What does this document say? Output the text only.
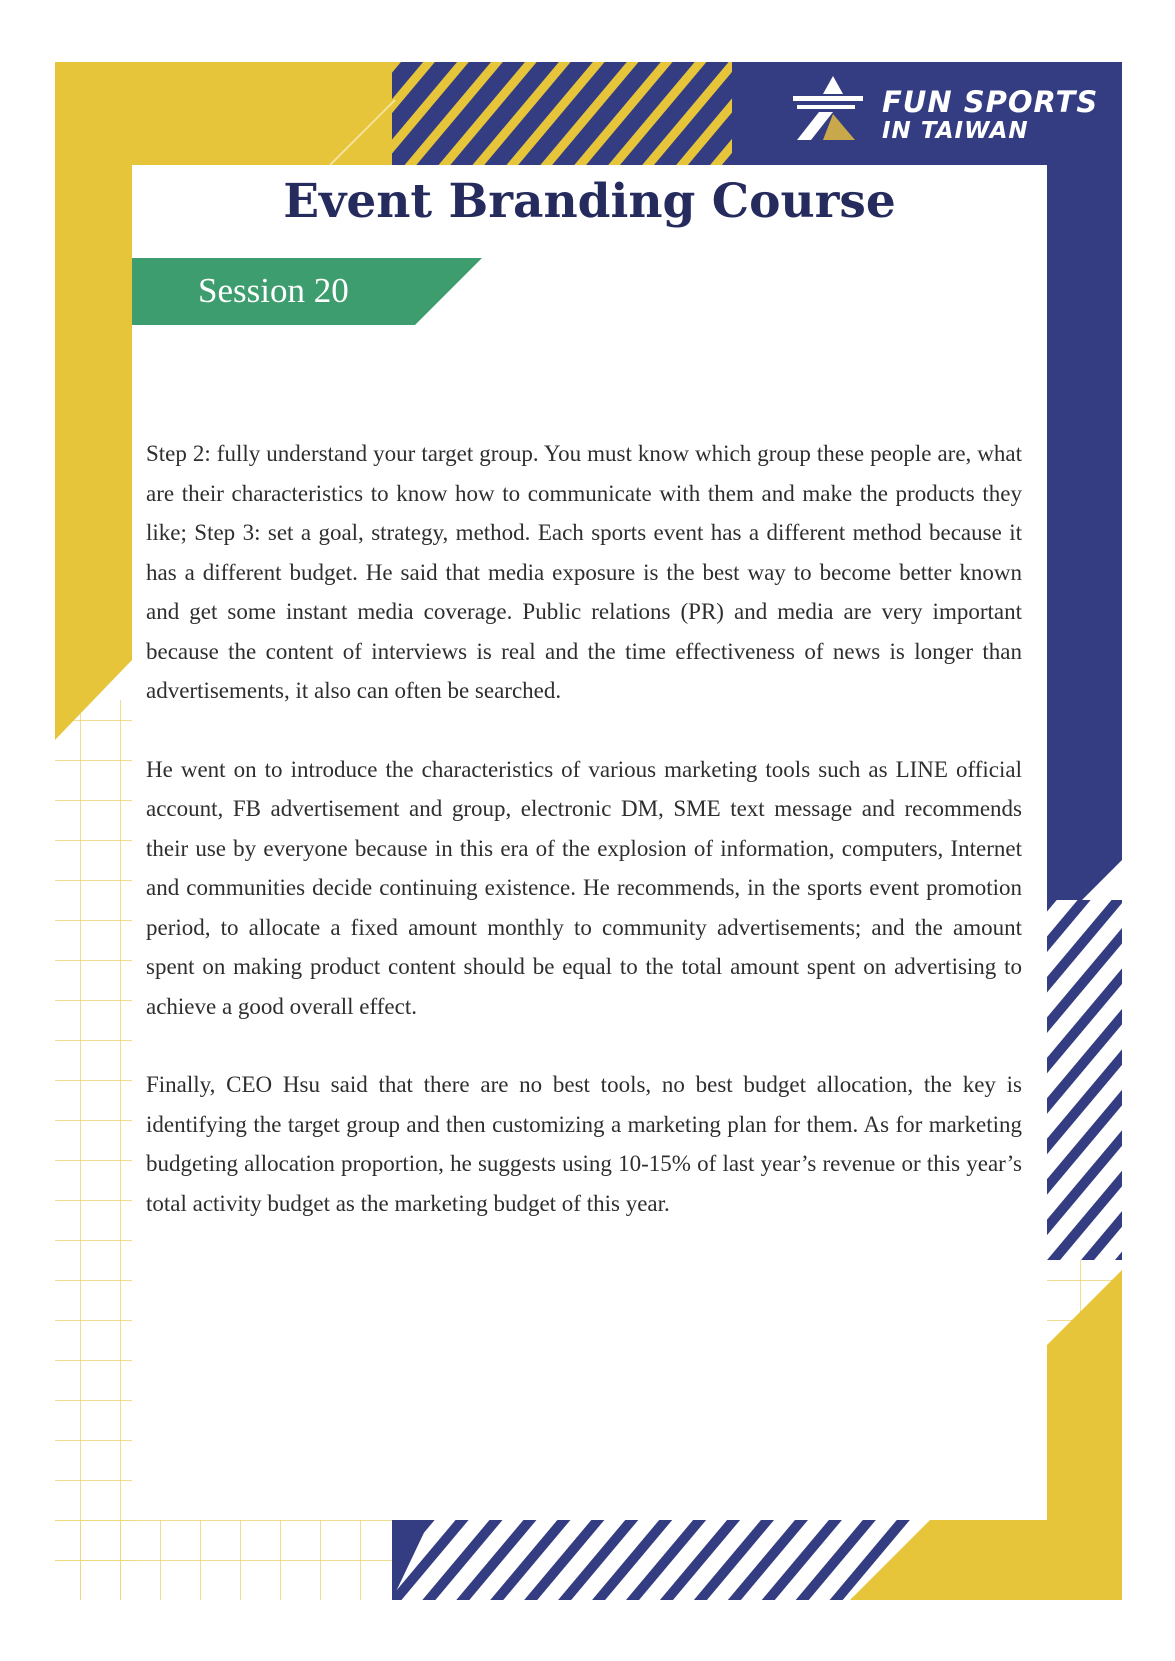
FUN SPORTS
IN TAIWAN
Event Branding Course
Session 20

Step 2: fully understand your target group. You must know which group these people are, what are their characteristics to know how to communicate with them and make the products they like; Step 3: set a goal, strategy, method. Each sports event has a different method because it has a different budget. He said that media exposure is the best way to become better known and get some instant media coverage. Public relations (PR) and media are very important because the content of interviews is real and the time effectiveness of news is longer than advertisements, it also can often be searched.

He went on to introduce the characteristics of various marketing tools such as LINE official account, FB advertisement and group, electronic DM, SME text message and recommends their use by everyone because in this era of the explosion of information, computers, Internet and communities decide continuing existence. He recommends, in the sports event promotion period, to allocate a fixed amount monthly to community advertisements; and the amount spent on making product content should be equal to the total amount spent on advertising to achieve a good overall effect.

Finally, CEO Hsu said that there are no best tools, no best budget allocation, the key is identifying the target group and then customizing a marketing plan for them. As for marketing budgeting allocation proportion, he suggests using 10-15% of last year’s revenue or this year’s total activity budget as the marketing budget of this year.
